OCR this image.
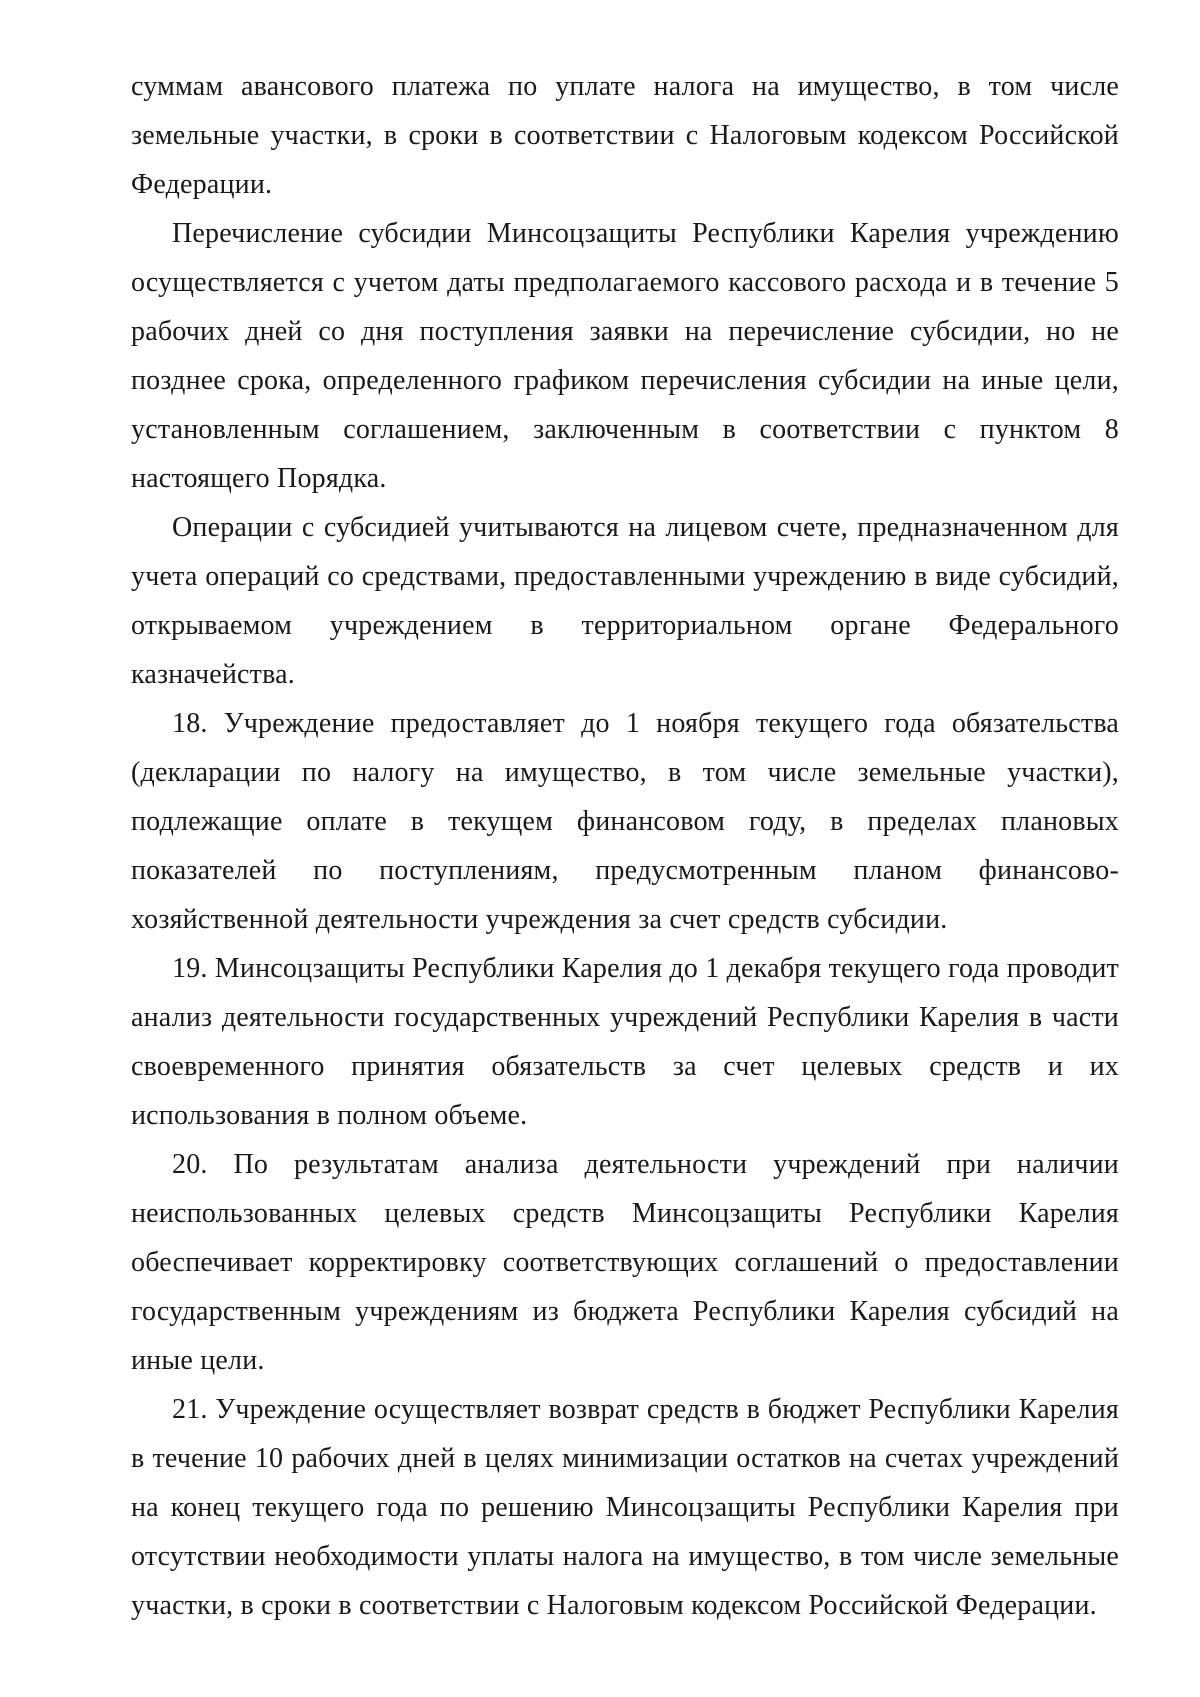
суммам авансового платежа по уплате налога на имущество, в том числе земельные участки, в сроки в соответствии с Налоговым кодексом Российской Федерации.

Перечисление субсидии Минсоцзащиты Республики Карелия учреждению осуществляется с учетом даты предполагаемого кассового расхода и в течение 5 рабочих дней со дня поступления заявки на перечисление субсидии, но не позднее срока, определенного графиком перечисления субсидии на иные цели, установленным соглашением, заключенным в соответствии с пунктом 8 настоящего Порядка.

Операции с субсидией учитываются на лицевом счете, предназначенном для учета операций со средствами, предоставленными учреждению в виде субсидий, открываемом учреждением в территориальном органе Федерального казначейства.

18. Учреждение предоставляет до 1 ноября текущего года обязательства (декларации по налогу на имущество, в том числе земельные участки), подлежащие оплате в текущем финансовом году, в пределах плановых показателей по поступлениям, предусмотренным планом финансово-хозяйственной деятельности учреждения за счет средств субсидии.

19. Минсоцзащиты Республики Карелия до 1 декабря текущего года проводит анализ деятельности государственных учреждений Республики Карелия в части своевременного принятия обязательств за счет целевых средств и их использования в полном объеме.

20. По результатам анализа деятельности учреждений при наличии неиспользованных целевых средств Минсоцзащиты Республики Карелия обеспечивает корректировку соответствующих соглашений о предоставлении государственным учреждениям из бюджета Республики Карелия субсидий на иные цели.

21. Учреждение осуществляет возврат средств в бюджет Республики Карелия в течение 10 рабочих дней в целях минимизации остатков на счетах учреждений на конец текущего года по решению Минсоцзащиты Республики Карелия при отсутствии необходимости уплаты налога на имущество, в том числе земельные участки, в сроки в соответствии с Налоговым кодексом Российской Федерации.
